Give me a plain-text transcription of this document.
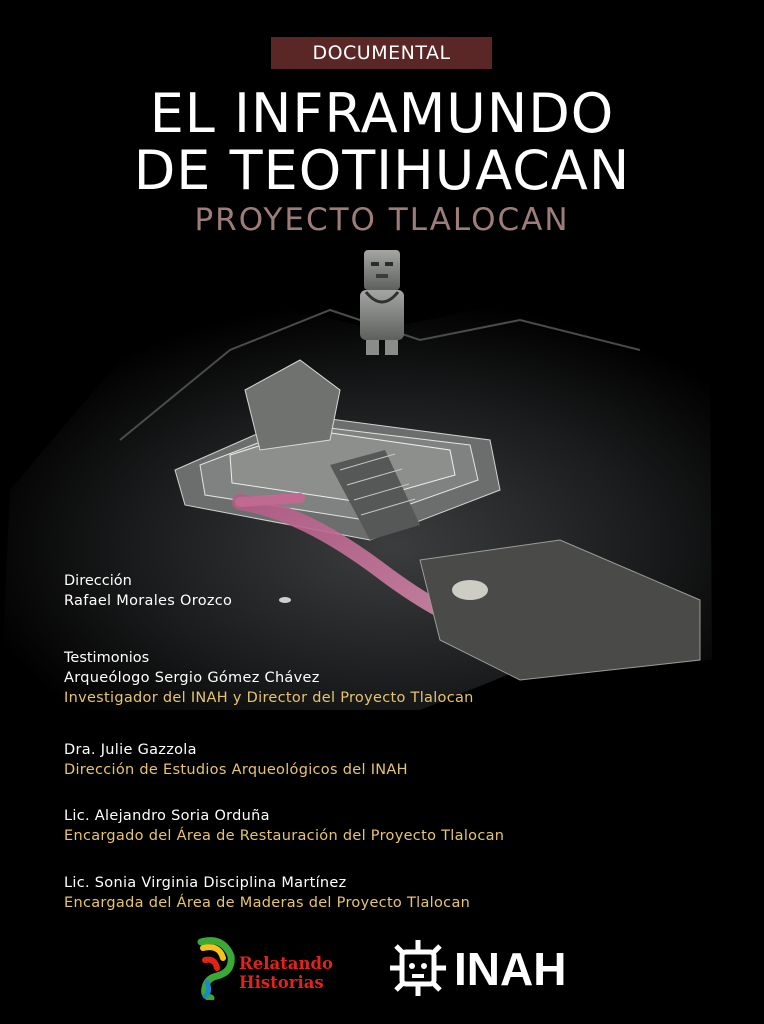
DOCUMENTAL
EL INFRAMUNDO
DE TEOTIHUACAN
PROYECTO TLALOCAN

Dirección

Rafael Morales Orozco

Testimonios

Arqueólogo Sergio Gómez Chávez

Investigador del INAH y Director del Proyecto Tlalocan

Dra. Julie Gazzola

Dirección de Estudios Arqueológicos del INAH

Lic. Alejandro Soria Orduña

Encargado del Área de Restauración del Proyecto Tlalocan

Lic. Sonia Virginia Disciplina Martínez

Encargada del Área de Maderas del Proyecto Tlalocan

Relatando
Historias	INAH
